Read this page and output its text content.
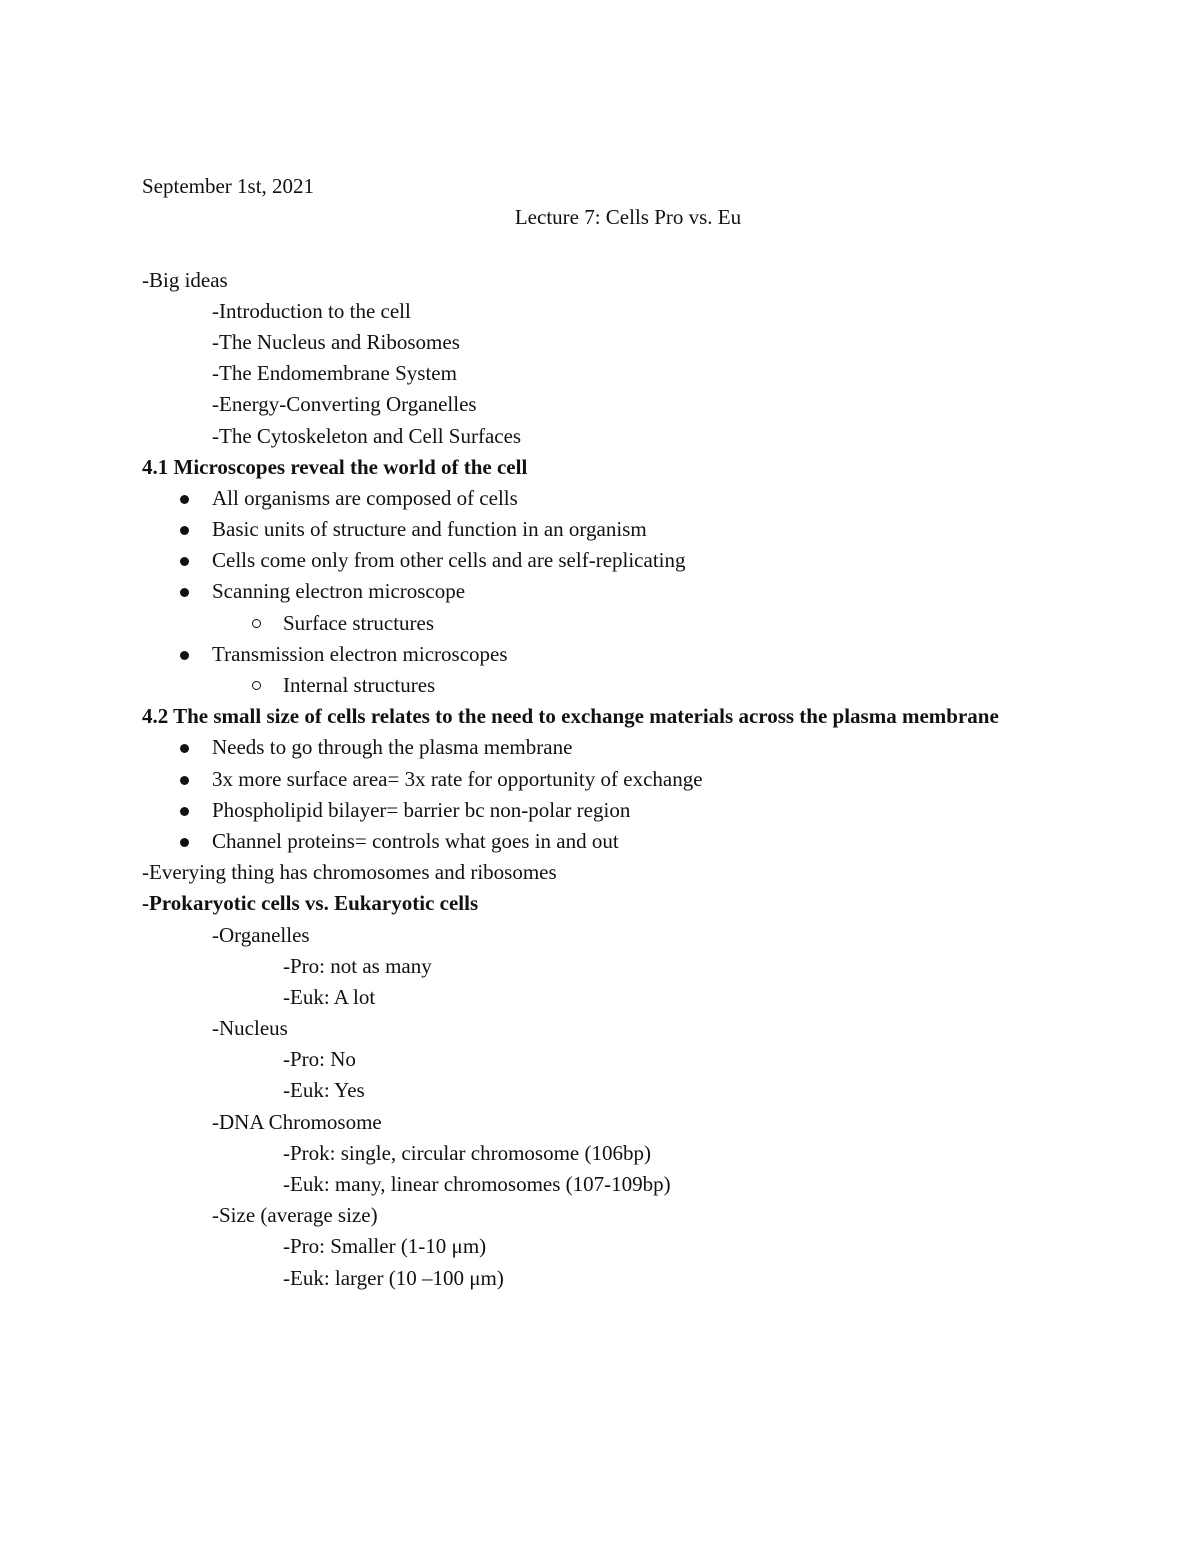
September 1st, 2021
Lecture 7: Cells Pro vs. Eu
-Big ideas
-Introduction to the cell
-The Nucleus and Ribosomes
-The Endomembrane System
-Energy-Converting Organelles
-The Cytoskeleton and Cell Surfaces
4.1 Microscopes reveal the world of the cell
All organisms are composed of cells
Basic units of structure and function in an organism
Cells come only from other cells and are self-replicating
Scanning electron microscope
Surface structures
Transmission electron microscopes
Internal structures
4.2 The small size of cells relates to the need to exchange materials across the plasma membrane
Needs to go through the plasma membrane
3x more surface area= 3x rate for opportunity of exchange
Phospholipid bilayer= barrier bc non-polar region
Channel proteins= controls what goes in and out
-Everying thing has chromosomes and ribosomes
-Prokaryotic cells vs. Eukaryotic cells
-Organelles
-Pro: not as many
-Euk: A lot
-Nucleus
-Pro: No
-Euk: Yes
-DNA Chromosome
-Prok: single, circular chromosome (106bp)
-Euk: many, linear chromosomes (107-109bp)
-Size (average size)
-Pro: Smaller (1-10 μm)
-Euk: larger (10 –100 μm)
